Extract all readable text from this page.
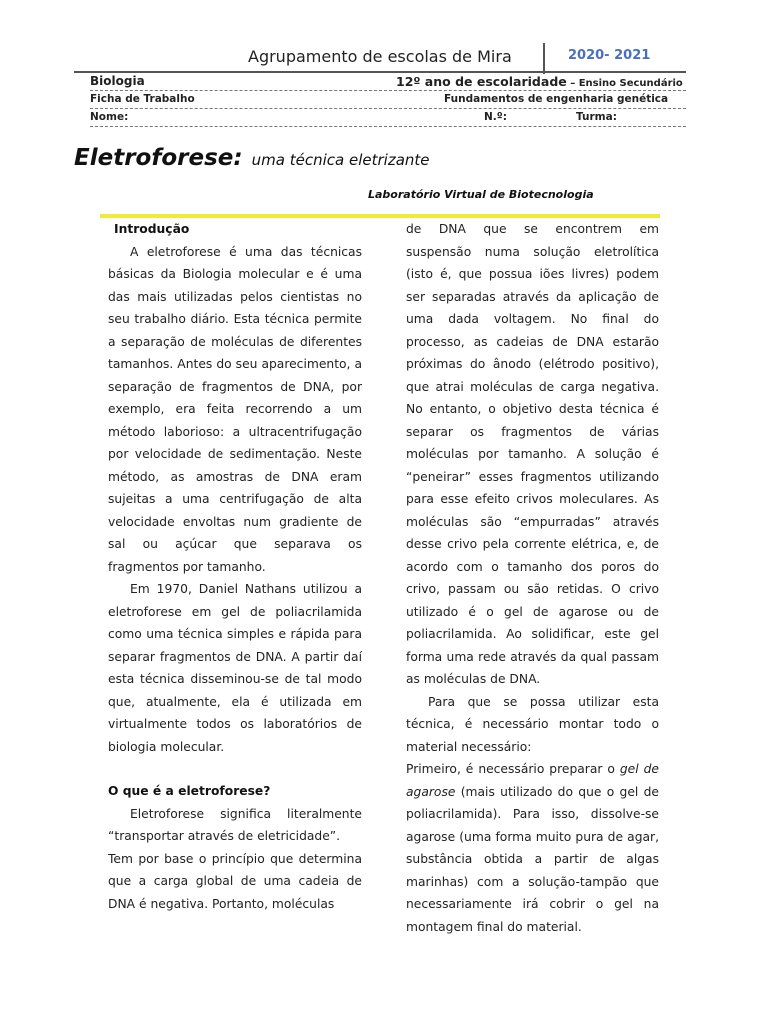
Agrupamento de escolas de Mira	2020- 2021
Biologia	12º ano de escolaridade – Ensino Secundário
Ficha de Trabalho	Fundamentos de engenharia genética
Nome:	N.º:	Turma:
Eletroforese: uma técnica eletrizante
Laboratório Virtual de Biotecnologia
Introdução

A eletroforese é uma das técnicas básicas da Biologia molecular e é uma das mais utilizadas pelos cientistas no seu trabalho diário. Esta técnica permite a separação de moléculas de diferentes tamanhos. Antes do seu aparecimento, a separação de fragmentos de DNA, por exemplo, era feita recorrendo a um método laborioso: a ultracentrifugação por velocidade de sedimentação. Neste método, as amostras de DNA eram sujeitas a uma centrifugação de alta velocidade envoltas num gradiente de sal ou açúcar que separava os fragmentos por tamanho.

Em 1970, Daniel Nathans utilizou a eletroforese em gel de poliacrilamida como uma técnica simples e rápida para separar fragmentos de DNA. A partir daí esta técnica disseminou-se de tal modo que, atualmente, ela é utilizada em virtualmente todos os laboratórios de biologia molecular.

O que é a eletroforese?

Eletroforese significa literalmente “transportar através de eletricidade”.

Tem por base o princípio que determina que a carga global de uma cadeia de DNA é negativa. Portanto, moléculas

de DNA que se encontrem em suspensão numa solução eletrolítica (isto é, que possua iões livres) podem ser separadas através da aplicação de uma dada voltagem. No final do processo, as cadeias de DNA estarão próximas do ânodo (elétrodo positivo), que atrai moléculas de carga negativa. No entanto, o objetivo desta técnica é separar os fragmentos de várias moléculas por tamanho. A solução é “peneirar” esses fragmentos utilizando para esse efeito crivos moleculares. As moléculas são “empurradas” através desse crivo pela corrente elétrica, e, de acordo com o tamanho dos poros do crivo, passam ou são retidas. O crivo utilizado é o gel de agarose ou de poliacrilamida. Ao solidificar, este gel forma uma rede através da qual passam as moléculas de DNA.

Para que se possa utilizar esta técnica, é necessário montar todo o material necessário:

Primeiro, é necessário preparar o gel de agarose (mais utilizado do que o gel de poliacrilamida). Para isso, dissolve-se agarose (uma forma muito pura de agar, substância obtida a partir de algas marinhas) com a solução-tampão que necessariamente irá cobrir o gel na montagem final do material.
